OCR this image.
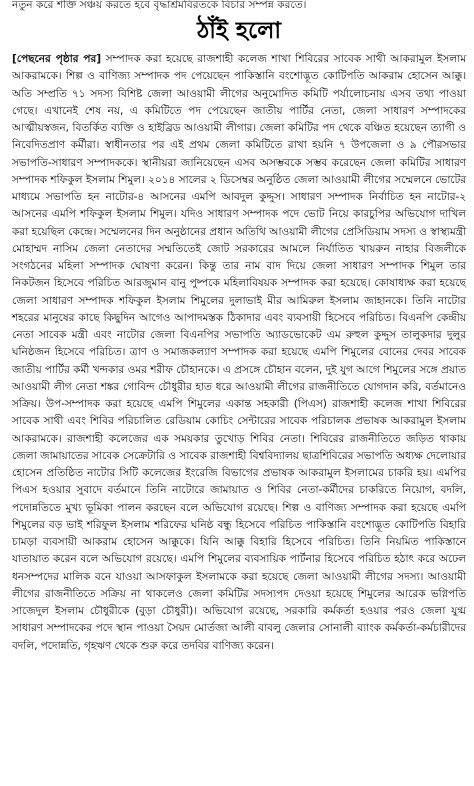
নতুন করে শক্তি সঞ্চয় করতে হবে বৃদ্ধাশ্রমবিরতকে বিচার সম্পন্ন করতে।
ঠাঁই হলো

[পেছনের পৃষ্ঠার পর] সম্পাদক করা হয়েছে রাজশাহী কলেজ শাখা শিবিরের সাবেক সাথী আকরামুল ইসলাম আকরামকে। শিল্প ও বাণিজ্য সম্পাদক পদ পেয়েছেন পাকিস্তানি বংশোদ্ভূত কোটিপতি আকরাম হোসেন আক্কু। অতি সম্প্রতি ৭১ সদস্য বিশিষ্ট জেলা আওয়ামী লীগের অনুমোদিত কমিটি পর্যালোচনায় এসব তথ্য পাওয়া গেছে। এখানেই শেষ নয়, এ কমিটিতে পদ পেয়েছেন জাতীয় পার্টির নেতা, জেলা সাধারণ সম্পাদকের আত্মীয়স্বজন, বিতর্কিত ব্যক্তি ও হাইব্রিড আওয়ামী লীগার। জেলা কমিটির পদ থেকে বঞ্চিত হয়েছেন ত্যাগী ও নিবেদিতপ্রাণ কর্মীরা। স্বাধীনতার পর এই প্রথম জেলা কমিটিতে রাখা হয়নি ৭ উপজেলা ও ৯ পৌরসভার সভাপতি-সাধারণ সম্পাদককে। স্থানীয়রা জানিয়েছেন এসব অসম্ভবকে সম্ভব করেছেন জেলা কমিটির সাধারণ সম্পাদক শফিকুল ইসলাম শিমুল। ২০১৪ সালের ২ ডিসেম্বর অনুষ্ঠিত জেলা আওয়ামী লীগের সম্মেলনে ভোটের মাধ্যমে সভাপতি হন নাটোর-৪ আসনের এমপি আবদুল কুদ্দুস। সাধারণ সম্পাদক নির্বাচিত হন নাটোর-২ আসনের এমপি শফিকুল ইসলাম শিমুল। যদিও সাধারণ সম্পাদক পদে ভোট নিয়ে কারচুপির অভিযোগ দাখিল করা হয়েছিল কেন্দ্রে। সম্মেলনের দিন অনুষ্ঠানের প্রধান অতিথি আওয়ামী লীগের প্রেসিডিয়াম সদস্য ও স্বাস্থ্যমন্ত্রী মোহাম্মদ নাসিম জেলা নেতাদের সম্মতিতেই জোট সরকারের আমলে নির্যাতিত খায়রুন নাহার বিজলীকে সংগঠনের মহিলা সম্পাদক ঘোষণা করেন। কিন্তু তার নাম বাদ দিয়ে জেলা সাধারণ সম্পাদক শিমুল তার নিকটজন হিসেবে পরিচিত আরজুমান বানু পুষ্পকে মহিলাবিষয়ক সম্পাদক করা হয়েছে। কোষাধ্যক্ষ করা হয়েছে জেলা সাধারণ সম্পাদক শফিকুল ইসলাম শিমুলের দুলাভাই মীর আমিরুল ইসলাম জাহানকে। তিনি নাটোর শহরের মানুষের কাছে কিছুদিন আগেও আপাদমস্তক ঠিকাদার এবং ব্যবসায়ী হিসেবে পরিচিত। বিএনপি কেন্দ্রীয় নেতা সাবেক মন্ত্রী এবং নাটোর জেলা বিএনপির সভাপতি অ্যাডভোকেট এম রুহুল কুদ্দুস তালুকদার দুলুর ঘনিষ্ঠজন হিসেবে পরিচিত। ত্রাণ ও সমাজকল্যাণ সম্পাদক করা হয়েছে এমপি শিমুলের বোনের দেবর সাবেক জাতীয় পার্টির কর্মী খন্দকার ওমর শরীফ চৌহানকে। এ প্রসঙ্গে চৌহান বলেন, দুই যুগ আগে শিমুলের সঙ্গে প্রয়াত আওয়ামী লীগ নেতা শঙ্কর গোবিন্দ চৌধুরীর হাত ধরে আওয়ামী লীগের রাজনীতিতে যোগদান করি, বর্তমানেও সক্রিয়। উপ-সম্পাদক করা হয়েছে এমপি শিমুলের একান্ত সহকারী (পিএস) রাজশাহী কলেজ শাখা শিবিরের সাবেক সাথী এবং শিবির পরিচালিত রেডিয়াম কোচিং সেন্টারের সাবেক পরিচালক প্রভাষক আকরামুল ইসলাম আকরামকে। রাজশাহী কলেজের এক সময়কার তুখোড় শিবির নেতা। শিবিরের রাজনীতিতে জড়িত থাকায় জেলা জামায়াতের সাবেক সেক্রেটারি ও সাবেক রাজশাহী বিশ্ববিদ্যালয় ছাত্রশিবিরের সভাপতি অধ্যক্ষ দেলোয়ার হোসেন প্রতিষ্ঠিত নাটোর সিটি কলেজের ইংরেজি বিভাগের প্রভাষক আকরামুল ইসলামের চাকরি হয়। এমপির পিএস হওয়ার সুবাদে বর্তমানে তিনি নাটোরে জামায়াত ও শিবির নেতা-কর্মীদের চাকরিতে নিয়োগ, বদলি, পদোন্নতিতে মুখ্য ভূমিকা পালন করছেন বলে অভিযোগ রয়েছে। শিল্প ও বাণিজ্য সম্পাদক করা হয়েছে এমপি শিমুলের বড় ভাই শরিফুল ইসলাম শরিফের ঘনিষ্ঠ বন্ধু হিসেবে পরিচিত পাকিস্তানি বংশোদ্ভূত কোটিপতি বিহারি চামড়া ব্যবসায়ী আকরাম হোসেন আক্কুকে। যিনি আক্কু বিহারি হিসেবে পরিচিত। তিনি নিয়মিত পাকিস্তানে যাতায়াত করেন বলে অভিযোগ রয়েছে। এমপি শিমুলের ব্যবসায়িক পার্টনার হিসেবে পরিচিত হঠাৎ করে অঢেল ধনসম্পদের মালিক বনে যাওয়া আসফাকুল ইসলামকে করা হয়েছে জেলা আওয়ামী লীগের সদস্য। আওয়ামী লীগের রাজনীতিতে সক্রিয় না থাকলেও জেলা কমিটির সদস্যপদ দেওয়া হয়েছে শিমুলের আরেক ভগ্নিপতি সাজেদুল ইসলাম চৌধুরীকে (বুড়া চৌধুরী)। অভিযোগ রয়েছে, সরকারি কর্মকর্তা হওয়ার পরও জেলা যুগ্ম সাধারণ সম্পাদকের পদে স্থান পাওয়া সৈয়দ মোর্তজা আলী বাবলু জেলার সোনালী ব্যাংক কর্মকর্তা-কর্মচারীদের বদলি, পদোন্নতি, গৃহঋণ থেকে শুরু করে তদবির বাণিজ্য করেন।
